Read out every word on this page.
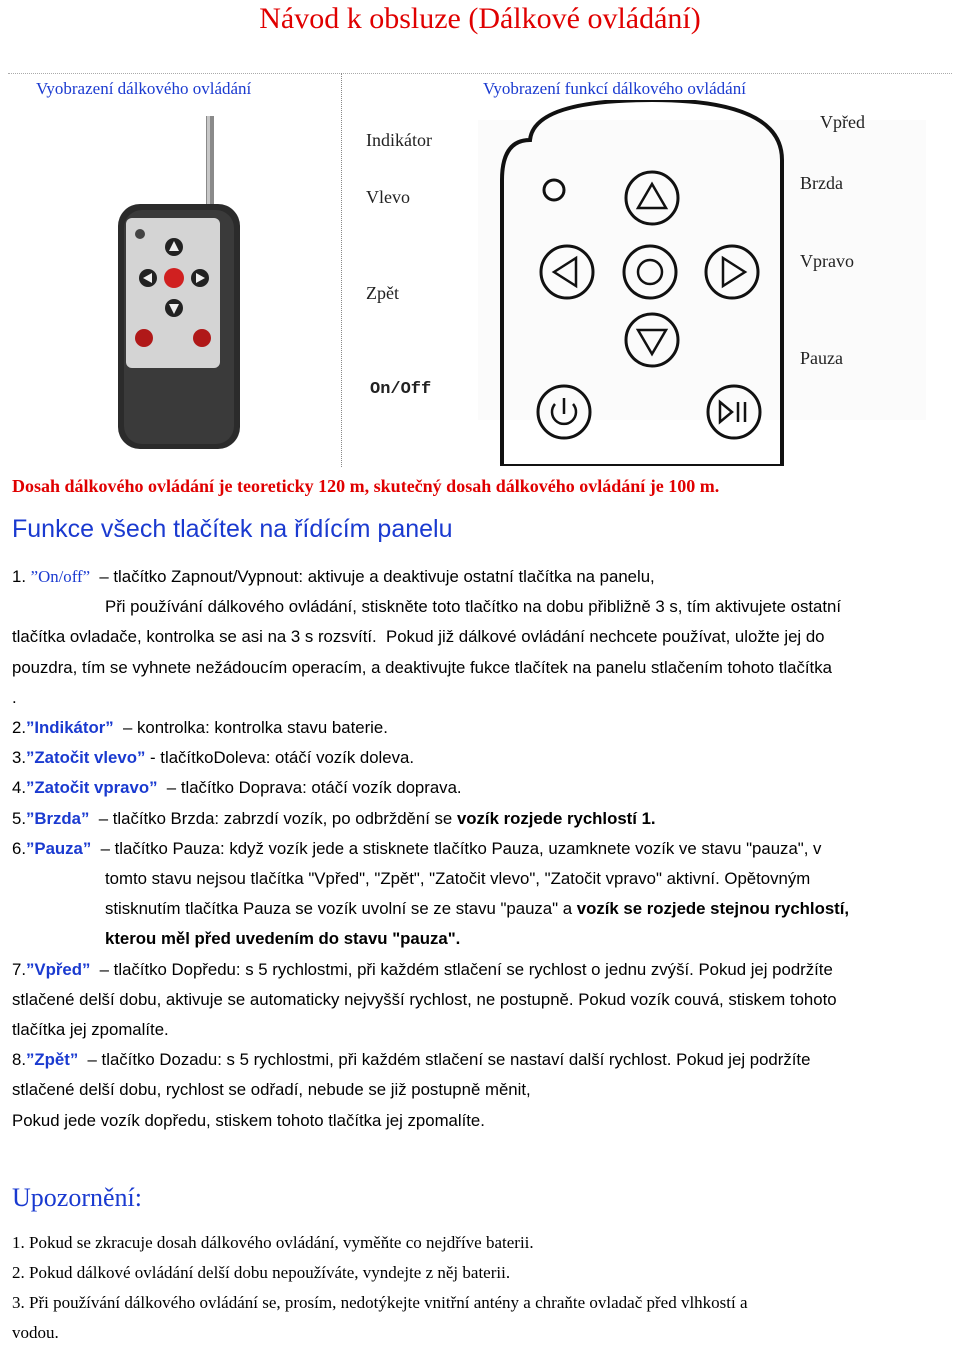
Návod k obsluze (Dálkové ovládání)
Vyobrazení dálkového ovládání	Vyobrazení funkcí dálkového ovládání
Indikátor
Vlevo
Zpět
Vpřed
Brzda
Vpravo
Pauza
On/Off
Dosah dálkového ovládání je teoreticky 120 m, skutečný dosah dálkového ovládání je 100 m.
Funkce všech tlačítek na řídícím panelu

1. ”On/off”  – tlačítko Zapnout/Vypnout: aktivuje a deaktivuje ostatní tlačítka na panelu,

Při používání dálkového ovládání, stiskněte toto tlačítko na dobu přibližně 3 s, tím aktivujete ostatní

tlačítka ovladače, kontrolka se asi na 3 s rozsvítí. Pokud již dálkové ovládání nechcete používat, uložte jej do

pouzdra, tím se vyhnete nežádoucím operacím, a deaktivujte fukce tlačítek na panelu stlačením tohoto tlačítka

.

2.”Indikátor”  – kontrolka: kontrolka stavu baterie.

3.”Zatočit vlevo” - tlačítkoDoleva: otáčí vozík doleva.

4.”Zatočit vpravo”  – tlačítko Doprava: otáčí vozík doprava.

5.”Brzda”  – tlačítko Brzda: zabrzdí vozík, po odbrždění se vozík rozjede rychlostí 1.

6.”Pauza”  – tlačítko Pauza: když vozík jede a stisknete tlačítko Pauza, uzamknete vozík ve stavu "pauza", v

tomto stavu nejsou tlačítka "Vpřed", "Zpět", "Zatočit vlevo", "Zatočit vpravo" aktivní. Opětovným

stisknutím tlačítka Pauza se vozík uvolní se ze stavu "pauza" a vozík se rozjede stejnou rychlostí,

kterou měl před uvedením do stavu "pauza".

7.”Vpřed”  – tlačítko Dopředu: s 5 rychlostmi, při každém stlačení se rychlost o jednu zvýší. Pokud jej podržíte

stlačené delší dobu, aktivuje se automaticky nejvyšší rychlost, ne postupně. Pokud vozík couvá, stiskem tohoto

tlačítka jej zpomalíte.

8.”Zpět”  – tlačítko Dozadu: s 5 rychlostmi, při každém stlačení se nastaví další rychlost. Pokud jej podržíte

stlačené delší dobu, rychlost se odřadí, nebude se již postupně měnit,

Pokud jede vozík dopředu, stiskem tohoto tlačítka jej zpomalíte.

Upozornění:

1. Pokud se zkracuje dosah dálkového ovládání, vyměňte co nejdříve baterii.

2. Pokud dálkové ovládání delší dobu nepoužíváte, vyndejte z něj baterii.

3. Při používání dálkového ovládání se, prosím, nedotýkejte vnitřní antény a chraňte ovladač před vlhkostí a

vodou.
